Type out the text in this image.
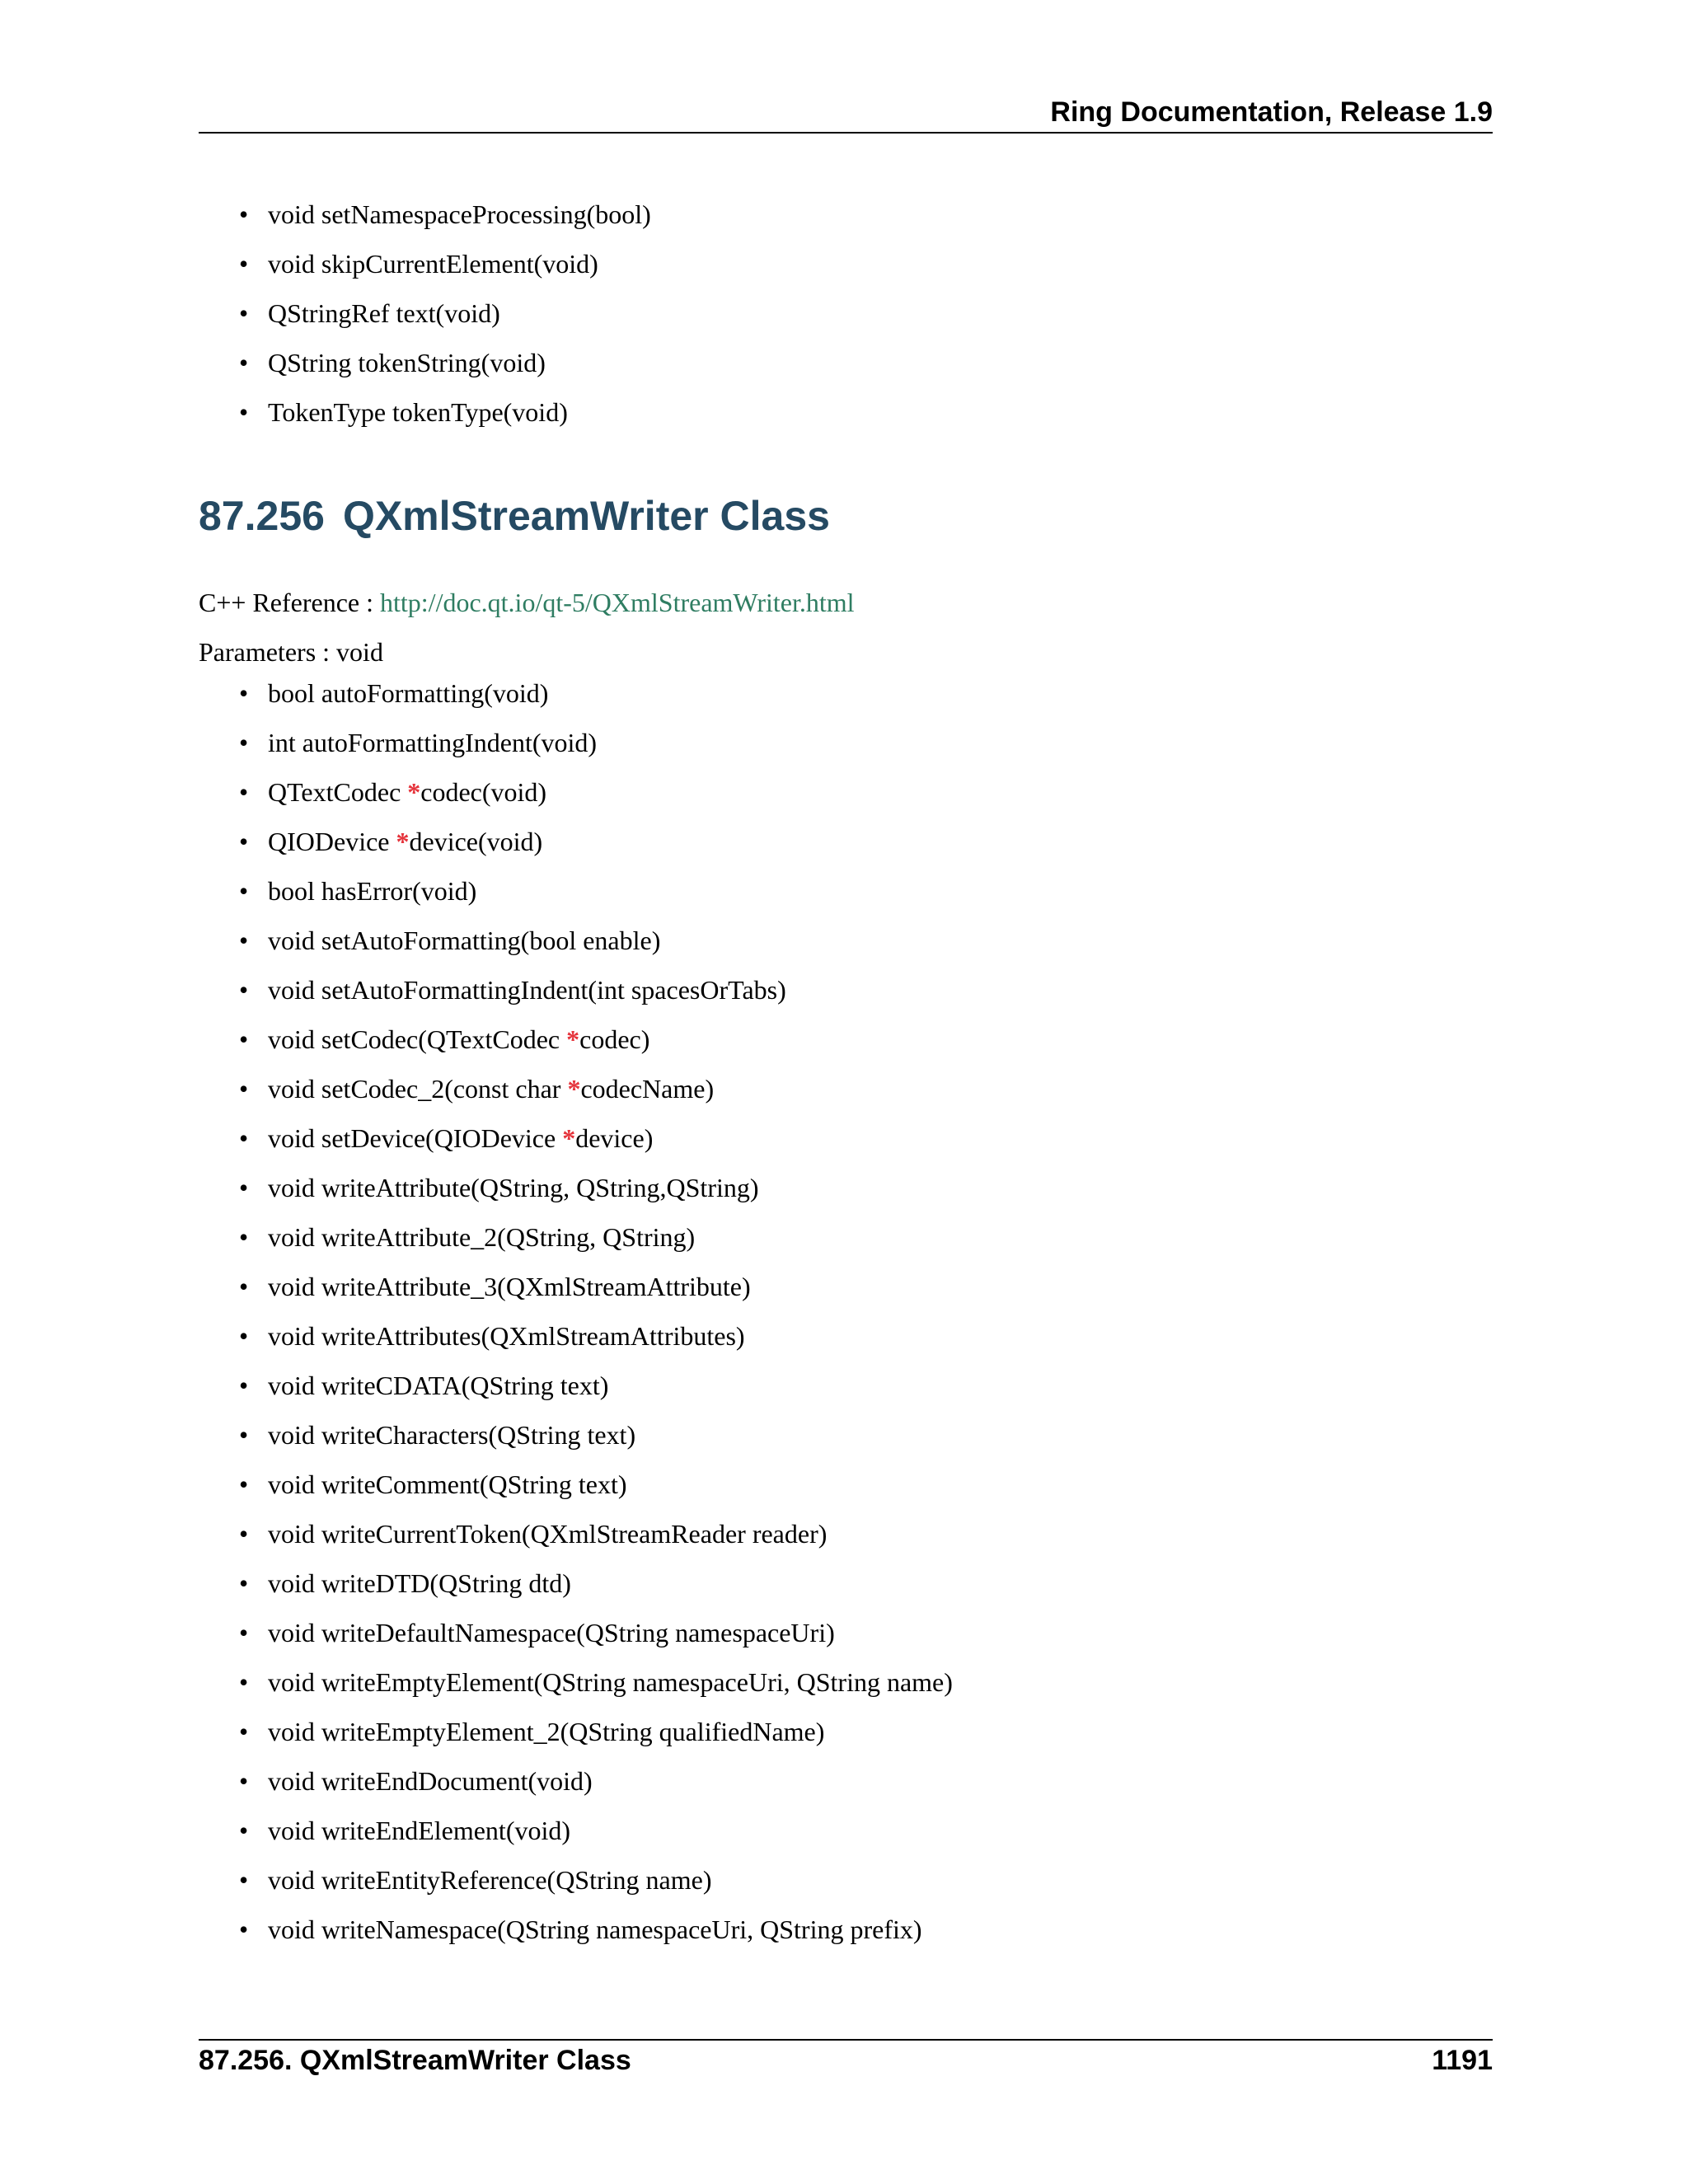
Ring Documentation, Release 1.9
• void setNamespaceProcessing(bool)
• void skipCurrentElement(void)
• QStringRef text(void)
• QString tokenString(void)
• TokenType tokenType(void)
87.256 QXmlStreamWriter Class
C++ Reference : http://doc.qt.io/qt-5/QXmlStreamWriter.html
Parameters : void
• bool autoFormatting(void)
• int autoFormattingIndent(void)
• QTextCodec *codec(void)
• QIODevice *device(void)
• bool hasError(void)
• void setAutoFormatting(bool enable)
• void setAutoFormattingIndent(int spacesOrTabs)
• void setCodec(QTextCodec *codec)
• void setCodec_2(const char *codecName)
• void setDevice(QIODevice *device)
• void writeAttribute(QString, QString,QString)
• void writeAttribute_2(QString, QString)
• void writeAttribute_3(QXmlStreamAttribute)
• void writeAttributes(QXmlStreamAttributes)
• void writeCDATA(QString text)
• void writeCharacters(QString text)
• void writeComment(QString text)
• void writeCurrentToken(QXmlStreamReader reader)
• void writeDTD(QString dtd)
• void writeDefaultNamespace(QString namespaceUri)
• void writeEmptyElement(QString namespaceUri, QString name)
• void writeEmptyElement_2(QString qualifiedName)
• void writeEndDocument(void)
• void writeEndElement(void)
• void writeEntityReference(QString name)
• void writeNamespace(QString namespaceUri, QString prefix)
87.256. QXmlStreamWriter Class	1191
